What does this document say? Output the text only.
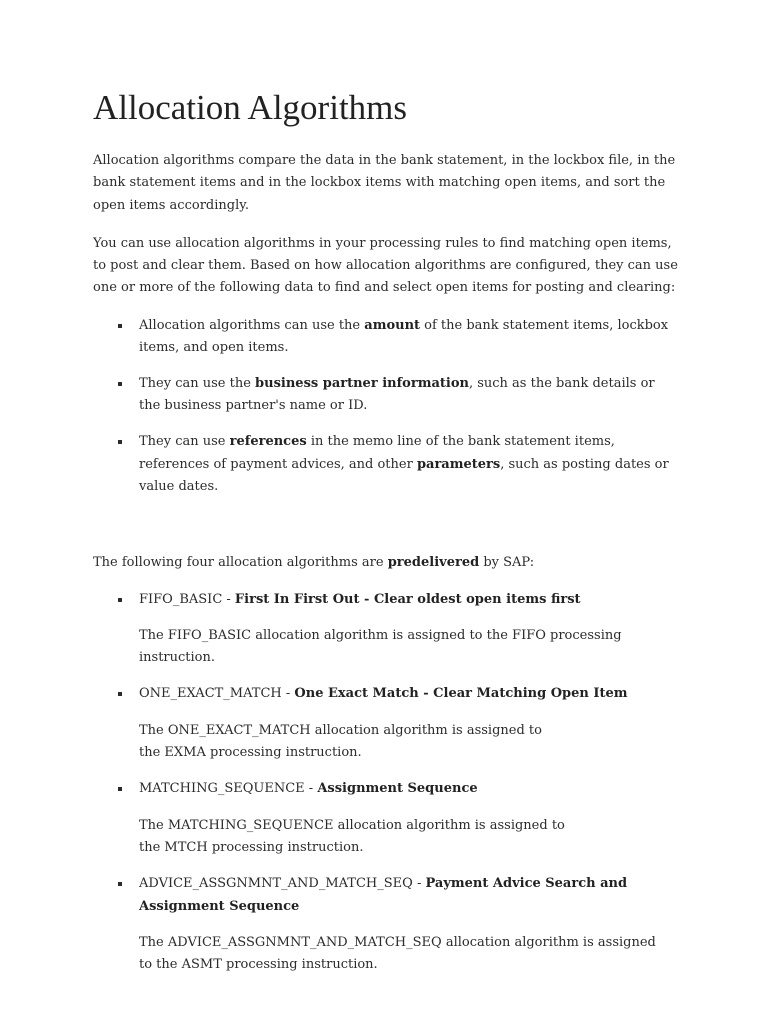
Allocation Algorithms

Allocation algorithms compare the data in the bank statement, in the lockbox file, in the bank statement items and in the lockbox items with matching open items, and sort the open items accordingly.

You can use allocation algorithms in your processing rules to find matching open items, to post and clear them. Based on how allocation algorithms are configured, they can use one or more of the following data to find and select open items for posting and clearing:

Allocation algorithms can use the amount of the bank statement items, lockbox items, and open items.
They can use the business partner information, such as the bank details or the business partner's name or ID.
They can use references in the memo line of the bank statement items, references of payment advices, and other parameters, such as posting dates or value dates.

The following four allocation algorithms are predelivered by SAP:

FIFO_BASIC - First In First Out - Clear oldest open items first
The FIFO_BASIC allocation algorithm is assigned to the FIFO processing instruction.
ONE_EXACT_MATCH - One Exact Match - Clear Matching Open Item
The ONE_EXACT_MATCH allocation algorithm is assigned to
the EXMA processing instruction.
MATCHING_SEQUENCE - Assignment Sequence
The MATCHING_SEQUENCE allocation algorithm is assigned to
the MTCH processing instruction.
ADVICE_ASSGNMNT_AND_MATCH_SEQ - Payment Advice Search and Assignment Sequence
The ADVICE_ASSGNMNT_AND_MATCH_SEQ allocation algorithm is assigned
to the ASMT processing instruction.
